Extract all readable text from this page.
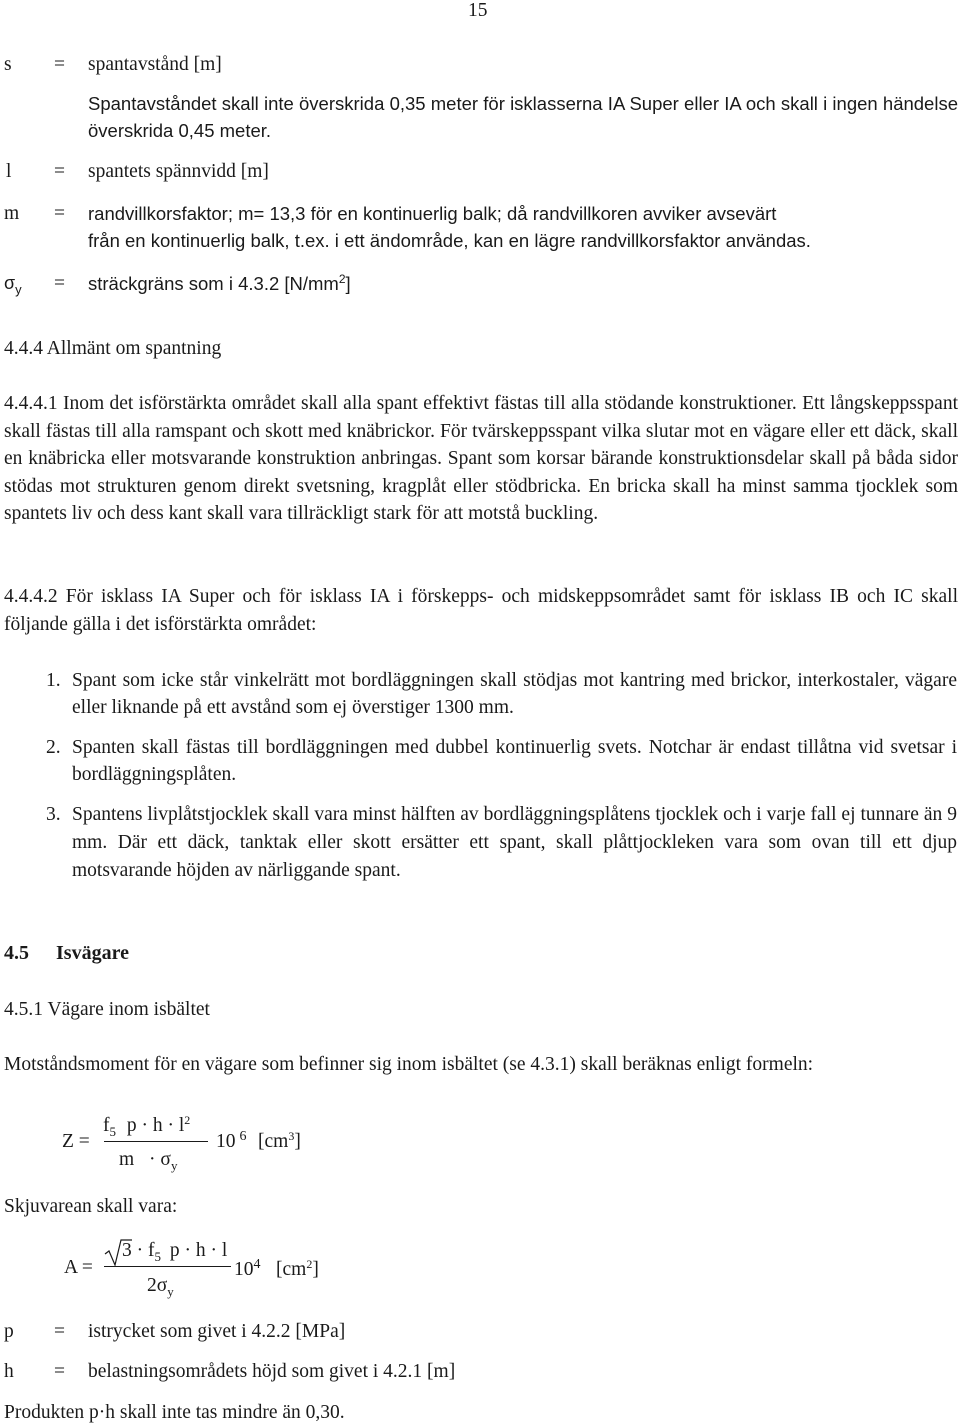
15
s	= spantavstånd [m]
Spantavståndet skall inte överskrida 0,35 meter för isklasserna IA Super eller IA och skall i ingen händelse överskrida 0,45 meter.
l	= spantets spännvidd [m]
m	= randvillkorsfaktor; m= 13,3 för en kontinuerlig balk; då randvillkoren avviker avsevärt
från en kontinuerlig balk, t.ex. i ett ändområde, kan en lägre randvillkorsfaktor användas.
$\sigma_y$	= sträckgräns som i 4.3.2 $[N/mm^2]$
4.4.4 Allmänt om spantning
4.4.4.1 Inom det isförstärkta området skall alla spant effektivt fästas till alla stödande konstruktioner. Ett långskeppsspant skall fästas till alla ramspant och skott med knäbrickor. För tvärskeppsspant vilka slutar mot en vägare eller ett däck, skall en knäbricka eller motsvarande konstruktion anbringas. Spant som korsar bärande konstruktionsdelar skall på båda sidor stödas mot strukturen genom direkt svetsning, kragplåt eller stödbricka. En bricka skall ha minst samma tjocklek som spantets liv och dess kant skall vara tillräckligt stark för att motstå buckling.
4.4.4.2 För isklass IA Super och för isklass IA i förskepps- och midskeppsområdet samt för isklass IB och IC skall följande gälla i det isförstärkta området:
1. Spant som icke står vinkelrätt mot bordläggningen skall stödjas mot kantring med brickor, interkostaler, vägare eller liknande på ett avstånd som ej överstiger 1300 mm.
2. Spanten skall fästas till bordläggningen med dubbel kontinuerlig svets. Notchar är endast tillåtna vid svetsar i bordläggningsplåten.
3. Spantens livplåtstjocklek skall vara minst hälften av bordläggningsplåtens tjocklek och i varje fall ej tunnare än 9 mm. Där ett däck, tanktak eller skott ersätter ett spant, skall plåttjockleken vara som ovan till ett djup motsvarande höjden av närliggande spant.
4.5 Isvägare
4.5.1 Vägare inom isbältet
Motståndsmoment för en vägare som befinner sig inom isbältet (se 4.3.1) skall beräknas enligt formeln:
Z =
$f_5$ $p \cdot h \cdot l^2$
$m \cdot \sigma_y$
10 $^6$ $[cm^3]$
Skjuvarean skall vara:
A =
$3 \cdot f_5$ p · h · l
$2\sigma_y$
$10^4$ $[cm^2]$
p	= istrycket som givet i 4.2.2 [MPa]
h	= belastningsområdets höjd som givet i 4.2.1 [m]
Produkten p·h skall inte tas mindre än 0,30.
